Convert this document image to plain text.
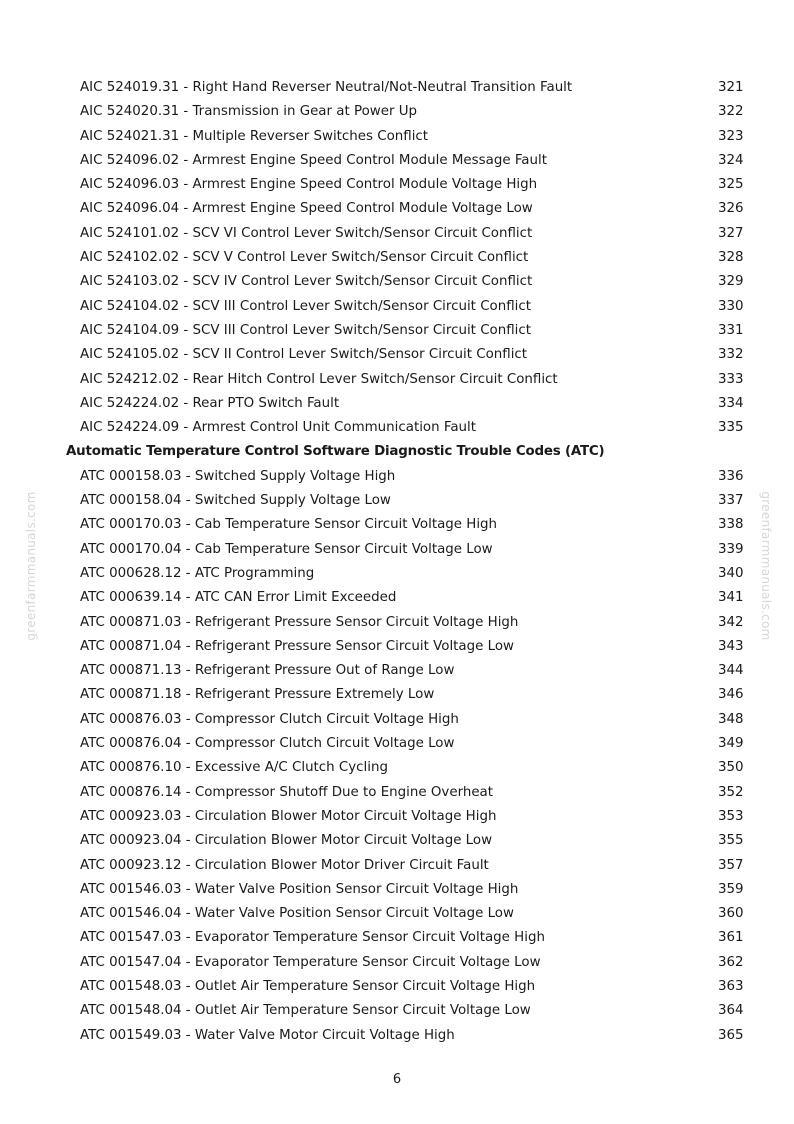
greenfarmmanuals.com	greenfarmmanuals.com
AIC 524019.31 - Right Hand Reverser Neutral/Not-Neutral Transition Fault	321
AIC 524020.31 - Transmission in Gear at Power Up	322
AIC 524021.31 - Multiple Reverser Switches Conflict	323
AIC 524096.02 - Armrest Engine Speed Control Module Message Fault	324
AIC 524096.03 - Armrest Engine Speed Control Module Voltage High	325
AIC 524096.04 - Armrest Engine Speed Control Module Voltage Low	326
AIC 524101.02 - SCV VI Control Lever Switch/Sensor Circuit Conflict	327
AIC 524102.02 - SCV V Control Lever Switch/Sensor Circuit Conflict	328
AIC 524103.02 - SCV IV Control Lever Switch/Sensor Circuit Conflict	329
AIC 524104.02 - SCV III Control Lever Switch/Sensor Circuit Conflict	330
AIC 524104.09 - SCV III Control Lever Switch/Sensor Circuit Conflict	331
AIC 524105.02 - SCV II Control Lever Switch/Sensor Circuit Conflict	332
AIC 524212.02 - Rear Hitch Control Lever Switch/Sensor Circuit Conflict	333
AIC 524224.02 - Rear PTO Switch Fault	334
AIC 524224.09 - Armrest Control Unit Communication Fault	335
Automatic Temperature Control Software Diagnostic Trouble Codes (ATC)
ATC 000158.03 - Switched Supply Voltage High	336
ATC 000158.04 - Switched Supply Voltage Low	337
ATC 000170.03 - Cab Temperature Sensor Circuit Voltage High	338
ATC 000170.04 - Cab Temperature Sensor Circuit Voltage Low	339
ATC 000628.12 - ATC Programming	340
ATC 000639.14 - ATC CAN Error Limit Exceeded	341
ATC 000871.03 - Refrigerant Pressure Sensor Circuit Voltage High	342
ATC 000871.04 - Refrigerant Pressure Sensor Circuit Voltage Low	343
ATC 000871.13 - Refrigerant Pressure Out of Range Low	344
ATC 000871.18 - Refrigerant Pressure Extremely Low	346
ATC 000876.03 - Compressor Clutch Circuit Voltage High	348
ATC 000876.04 - Compressor Clutch Circuit Voltage Low	349
ATC 000876.10 - Excessive A/C Clutch Cycling	350
ATC 000876.14 - Compressor Shutoff Due to Engine Overheat	352
ATC 000923.03 - Circulation Blower Motor Circuit Voltage High	353
ATC 000923.04 - Circulation Blower Motor Circuit Voltage Low	355
ATC 000923.12 - Circulation Blower Motor Driver Circuit Fault	357
ATC 001546.03 - Water Valve Position Sensor Circuit Voltage High	359
ATC 001546.04 - Water Valve Position Sensor Circuit Voltage Low	360
ATC 001547.03 - Evaporator Temperature Sensor Circuit Voltage High	361
ATC 001547.04 - Evaporator Temperature Sensor Circuit Voltage Low	362
ATC 001548.03 - Outlet Air Temperature Sensor Circuit Voltage High	363
ATC 001548.04 - Outlet Air Temperature Sensor Circuit Voltage Low	364
ATC 001549.03 - Water Valve Motor Circuit Voltage High	365
6
